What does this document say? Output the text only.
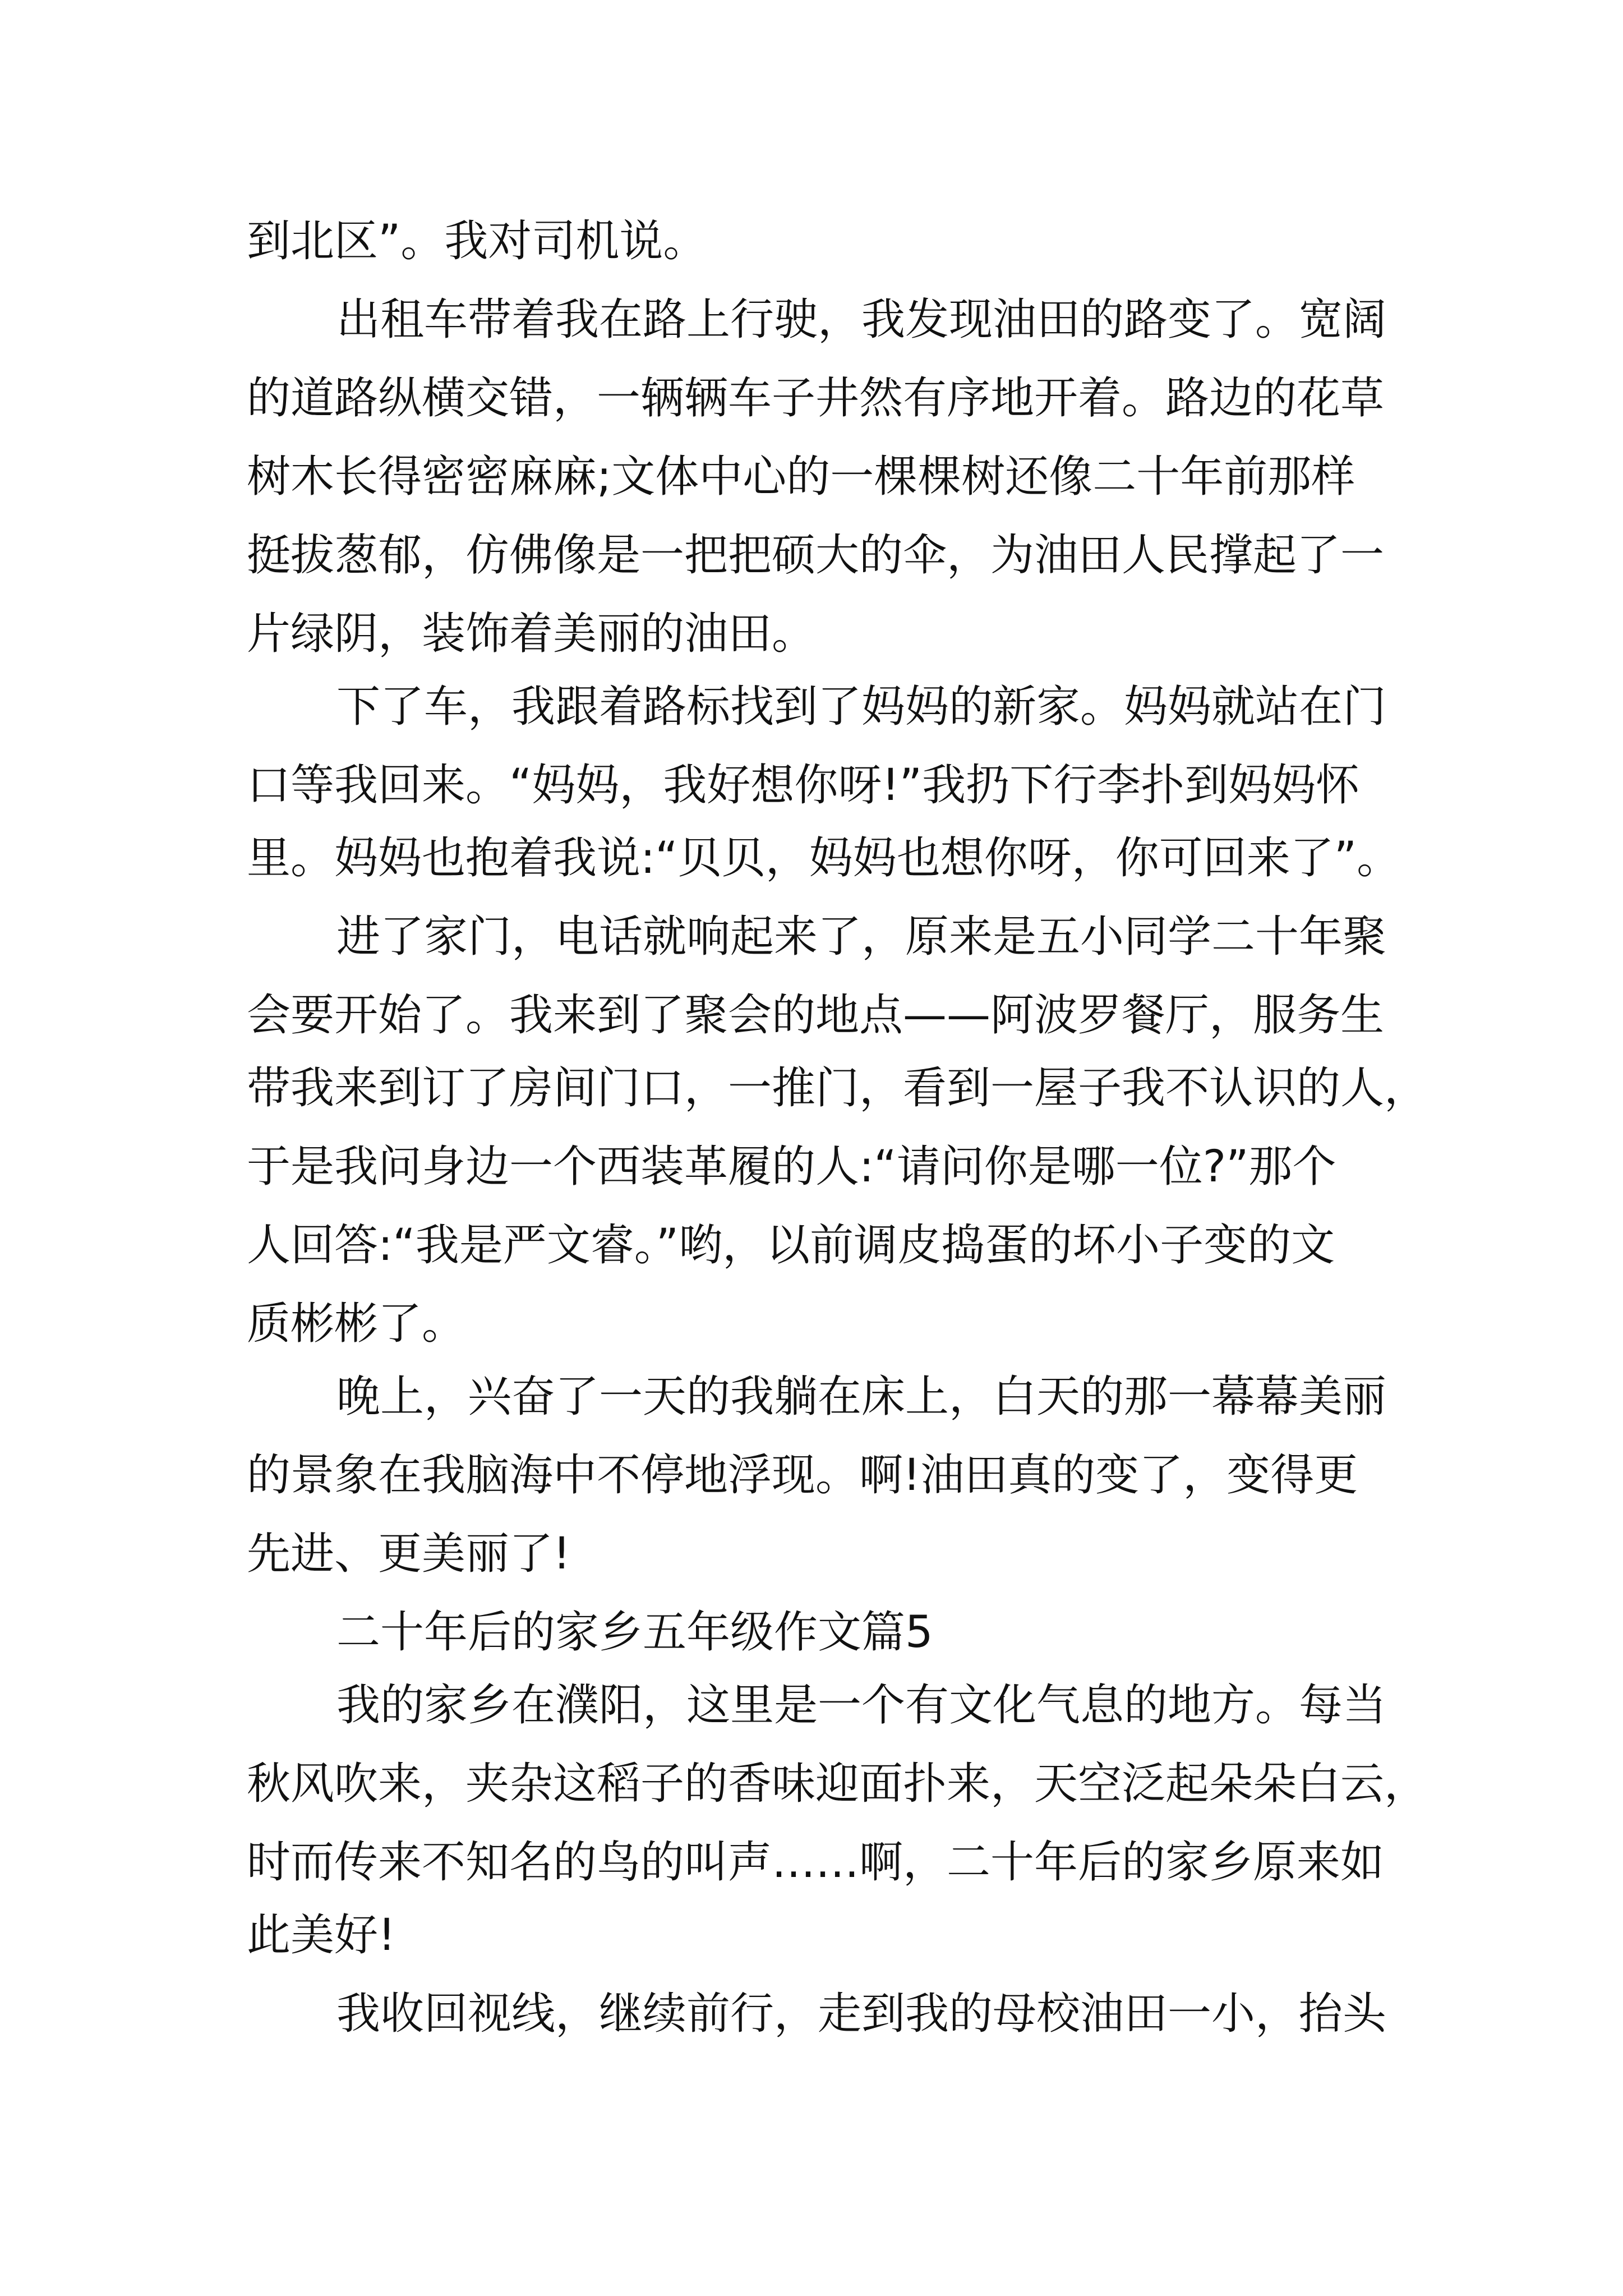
到北区”。我对司机说。
出租车带着我在路上行驶，我发现油田的路变了。宽阔
的道路纵横交错，一辆辆车子井然有序地开着。路边的花草
树木长得密密麻麻;文体中心的一棵棵树还像二十年前那样
挺拔葱郁，仿佛像是一把把硕大的伞，为油田人民撑起了一
片绿阴，装饰着美丽的油田。
下了车，我跟着路标找到了妈妈的新家。妈妈就站在门
口等我回来。“妈妈，我好想你呀!”我扔下行李扑到妈妈怀
里。妈妈也抱着我说:“贝贝，妈妈也想你呀，你可回来了”。
进了家门，电话就响起来了，原来是五小同学二十年聚
会要开始了。我来到了聚会的地点——阿波罗餐厅，服务生
带我来到订了房间门口，一推门，看到一屋子我不认识的人，
于是我问身边一个西装革履的人:“请问你是哪一位?”那个
人回答:“我是严文睿。”哟，以前调皮捣蛋的坏小子变的文
质彬彬了。
晚上，兴奋了一天的我躺在床上，白天的那一幕幕美丽
的景象在我脑海中不停地浮现。啊!油田真的变了，变得更
先进、更美丽了!
二十年后的家乡五年级作文篇5
我的家乡在濮阳，这里是一个有文化气息的地方。每当
秋风吹来，夹杂这稻子的香味迎面扑来，天空泛起朵朵白云，
时而传来不知名的鸟的叫声……啊，二十年后的家乡原来如
此美好!
我收回视线，继续前行，走到我的母校油田一小，抬头
